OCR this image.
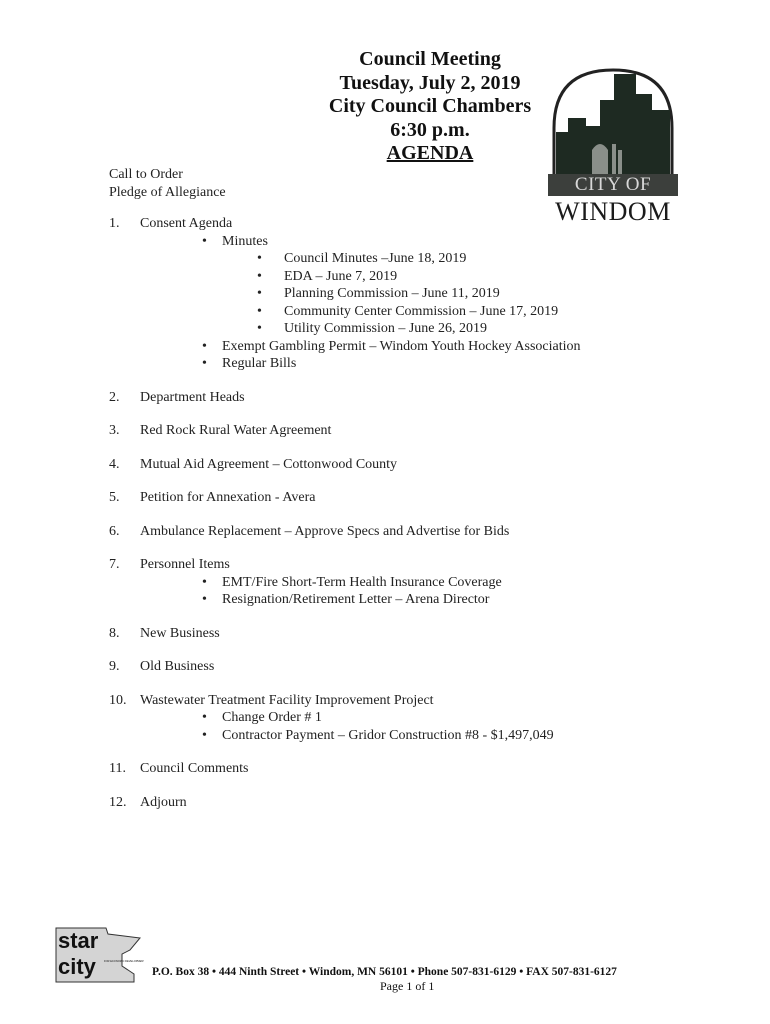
Council Meeting
Tuesday, July 2, 2019
City Council Chambers
6:30 p.m.
AGENDA
CITY OF
WINDOM
Call to Order
Pledge of Allegiance
1.	Consent Agenda
• Minutes
• Council Minutes –June 18, 2019
• EDA – June 7, 2019
• Planning Commission – June 11, 2019
• Community Center Commission – June 17, 2019
• Utility Commission – June 26, 2019
• Exempt Gambling Permit – Windom Youth Hockey Association
• Regular Bills
2.	Department Heads
3.	Red Rock Rural Water Agreement
4.	Mutual Aid Agreement – Cottonwood County
5.	Petition for Annexation - Avera
6.	Ambulance Replacement – Approve Specs and Advertise for Bids
7.	Personnel Items
• EMT/Fire Short-Term Health Insurance Coverage
• Resignation/Retirement Letter – Arena Director
8.	New Business
9.	Old Business
10. Wastewater Treatment Facility Improvement Project
• Change Order # 1
• Contractor Payment – Gridor Construction #8 - $1,497,049
11.	Council Comments
12. Adjourn
star
city	FOR ECONOMIC DEVELOPMENT
P.O. Box 38 • 444 Ninth Street • Windom, MN 56101 • Phone 507-831-6129 • FAX 507-831-6127
Page 1 of 1
